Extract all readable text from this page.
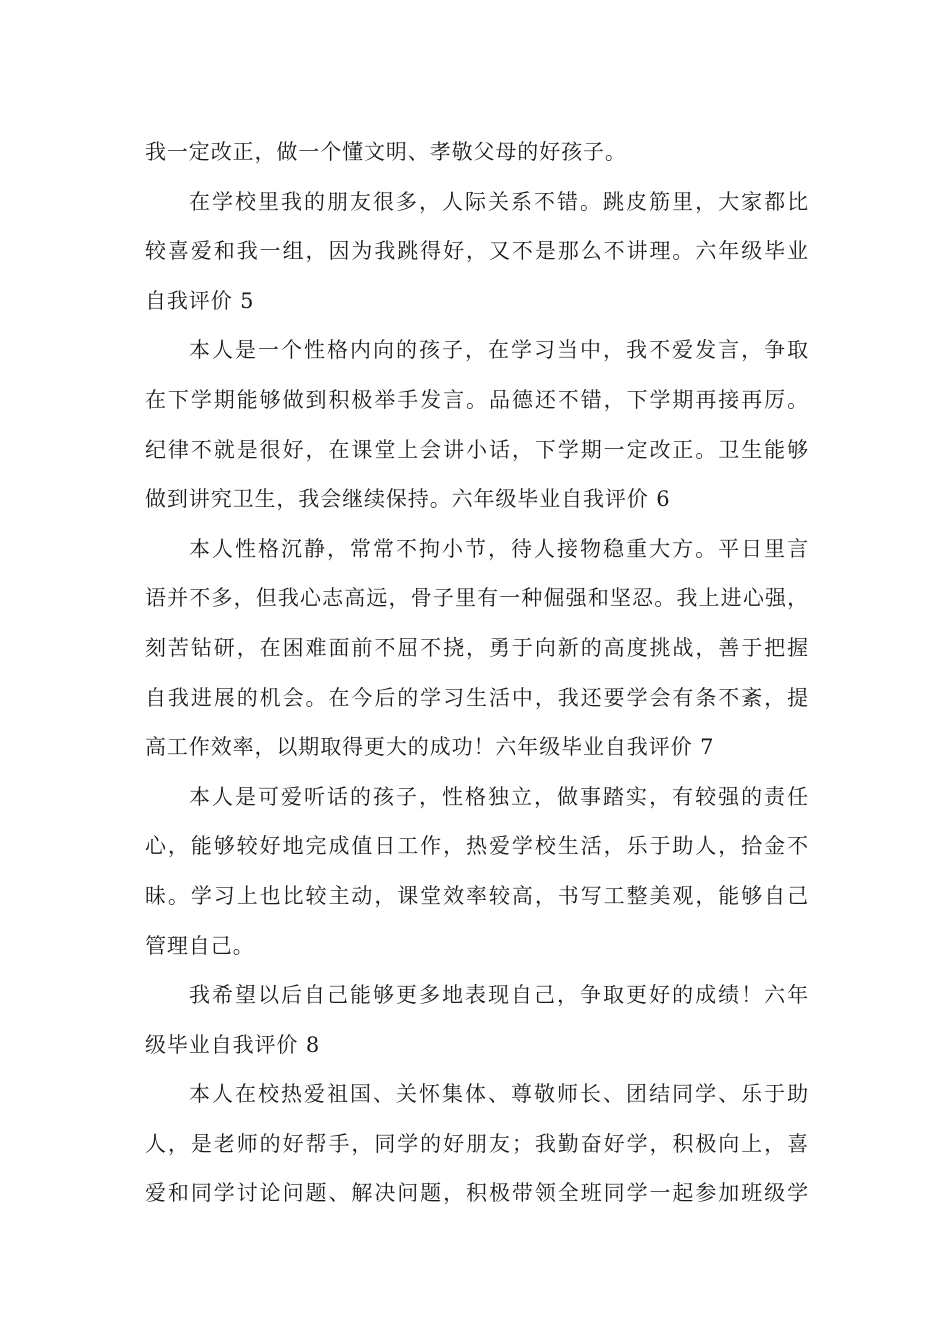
我一定改正，做一个懂文明、孝敬父母的好孩子。
在学校里我的朋友很多，人际关系不错。跳皮筋里，大家都比
较喜爱和我一组，因为我跳得好，又不是那么不讲理。六年级毕业
自我评价 5
本人是一个性格内向的孩子，在学习当中，我不爱发言，争取
在下学期能够做到积极举手发言。品德还不错，下学期再接再厉。
纪律不就是很好，在课堂上会讲小话，下学期一定改正。卫生能够
做到讲究卫生，我会继续保持。六年级毕业自我评价 6
本人性格沉静，常常不拘小节，待人接物稳重大方。平日里言
语并不多，但我心志高远，骨子里有一种倔强和坚忍。我上进心强，
刻苦钻研，在困难面前不屈不挠，勇于向新的高度挑战，善于把握
自我进展的机会。在今后的学习生活中，我还要学会有条不紊，提
高工作效率，以期取得更大的成功！六年级毕业自我评价 7
本人是可爱听话的孩子，性格独立，做事踏实，有较强的责任
心，能够较好地完成值日工作，热爱学校生活，乐于助人，拾金不
昧。学习上也比较主动，课堂效率较高，书写工整美观，能够自己
管理自己。
我希望以后自己能够更多地表现自己，争取更好的成绩！六年
级毕业自我评价 8
本人在校热爱祖国、关怀集体、尊敬师长、团结同学、乐于助
人，是老师的好帮手，同学的好朋友；我勤奋好学，积极向上，喜
爱和同学讨论问题、解决问题，积极带领全班同学一起参加班级学
